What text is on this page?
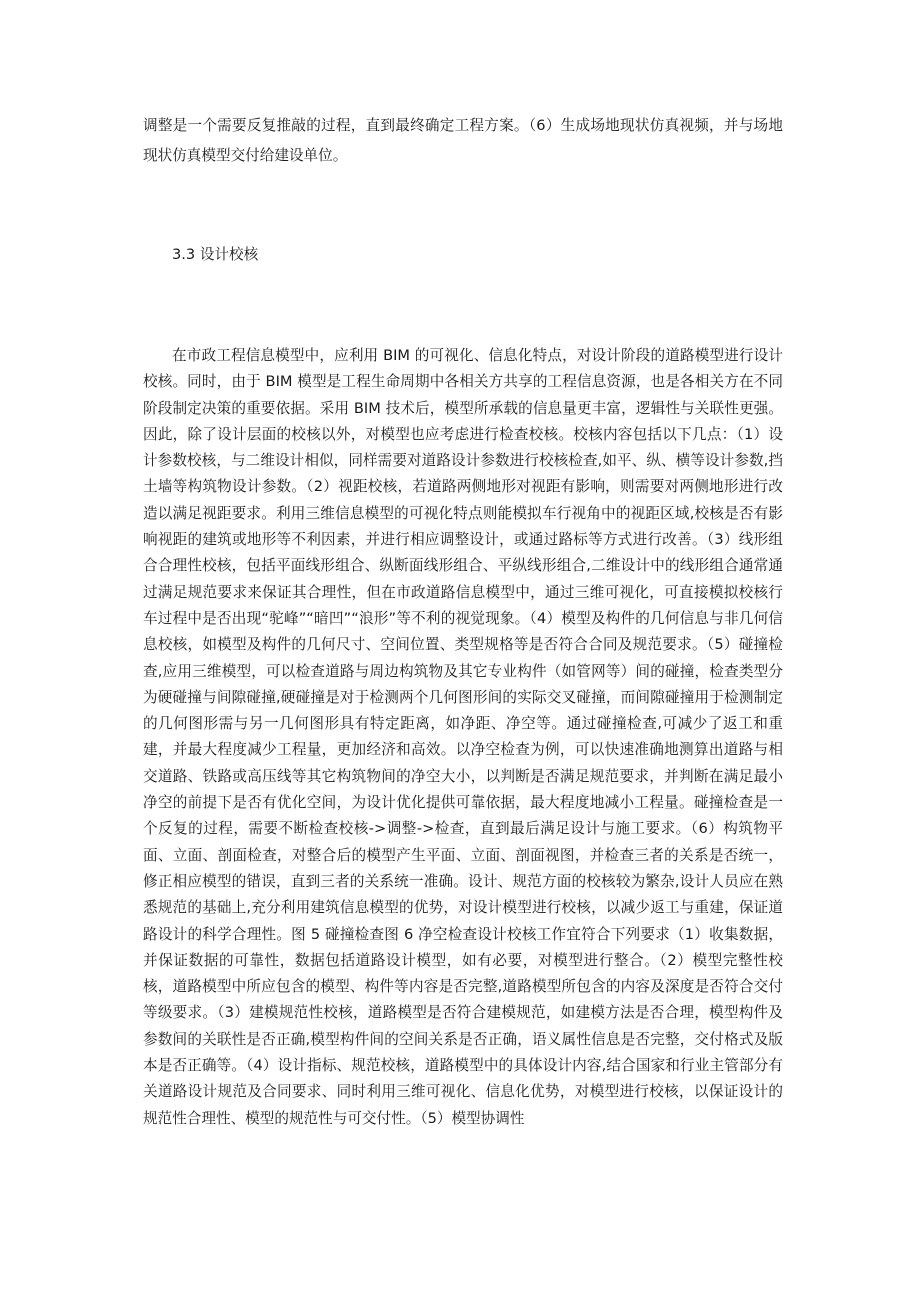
调整是一个需要反复推敲的过程，直到最终确定工程方案。（6）生成场地现状仿真视频，并与场地现状仿真模型交付给建设单位。

3.3 设计校核

在市政工程信息模型中，应利用 BIM 的可视化、信息化特点，对设计阶段的道路模型进行设计校核。同时，由于 BIM 模型是工程生命周期中各相关方共享的工程信息资源，也是各相关方在不同阶段制定决策的重要依据。采用 BIM 技术后，模型所承载的信息量更丰富，逻辑性与关联性更强。因此，除了设计层面的校核以外，对模型也应考虑进行检查校核。校核内容包括以下几点：（1）设计参数校核，与二维设计相似，同样需要对道路设计参数进行校核检查,如平、纵、横等设计参数,挡土墙等构筑物设计参数。（2）视距校核，若道路两侧地形对视距有影响，则需要对两侧地形进行改造以满足视距要求。利用三维信息模型的可视化特点则能模拟车行视角中的视距区域,校核是否有影响视距的建筑或地形等不利因素，并进行相应调整设计，或通过路标等方式进行改善。（3）线形组合合理性校核，包括平面线形组合、纵断面线形组合、平纵线形组合,二维设计中的线形组合通常通过满足规范要求来保证其合理性，但在市政道路信息模型中，通过三维可视化，可直接模拟校核行车过程中是否出现“驼峰”“暗凹”“浪形”等不利的视觉现象。（4）模型及构件的几何信息与非几何信息校核，如模型及构件的几何尺寸、空间位置、类型规格等是否符合合同及规范要求。（5）碰撞检查,应用三维模型，可以检查道路与周边构筑物及其它专业构件（如管网等）间的碰撞，检查类型分为硬碰撞与间隙碰撞,硬碰撞是对于检测两个几何图形间的实际交叉碰撞，而间隙碰撞用于检测制定的几何图形需与另一几何图形具有特定距离，如净距、净空等。通过碰撞检查,可减少了返工和重建，并最大程度减少工程量，更加经济和高效。以净空检查为例，可以快速准确地测算出道路与相交道路、铁路或高压线等其它构筑物间的净空大小，以判断是否满足规范要求，并判断在满足最小净空的前提下是否有优化空间，为设计优化提供可靠依据，最大程度地减小工程量。碰撞检查是一个反复的过程，需要不断检查校核->调整->检查，直到最后满足设计与施工要求。（6）构筑物平面、立面、剖面检查，对整合后的模型产生平面、立面、剖面视图，并检查三者的关系是否统一，修正相应模型的错误，直到三者的关系统一准确。设计、规范方面的校核较为繁杂,设计人员应在熟悉规范的基础上,充分利用建筑信息模型的优势，对设计模型进行校核，以减少返工与重建，保证道路设计的科学合理性。图 5 碰撞检查图 6 净空检查设计校核工作宜符合下列要求（1）收集数据，并保证数据的可靠性，数据包括道路设计模型，如有必要，对模型进行整合。（2）模型完整性校核，道路模型中所应包含的模型、构件等内容是否完整,道路模型所包含的内容及深度是否符合交付等级要求。（3）建模规范性校核，道路模型是否符合建模规范，如建模方法是否合理，模型构件及参数间的关联性是否正确,模型构件间的空间关系是否正确，语义属性信息是否完整，交付格式及版本是否正确等。（4）设计指标、规范校核，道路模型中的具体设计内容,结合国家和行业主管部分有关道路设计规范及合同要求、同时利用三维可视化、信息化优势，对模型进行校核，以保证设计的规范性合理性、模型的规范性与可交付性。（5）模型协调性
